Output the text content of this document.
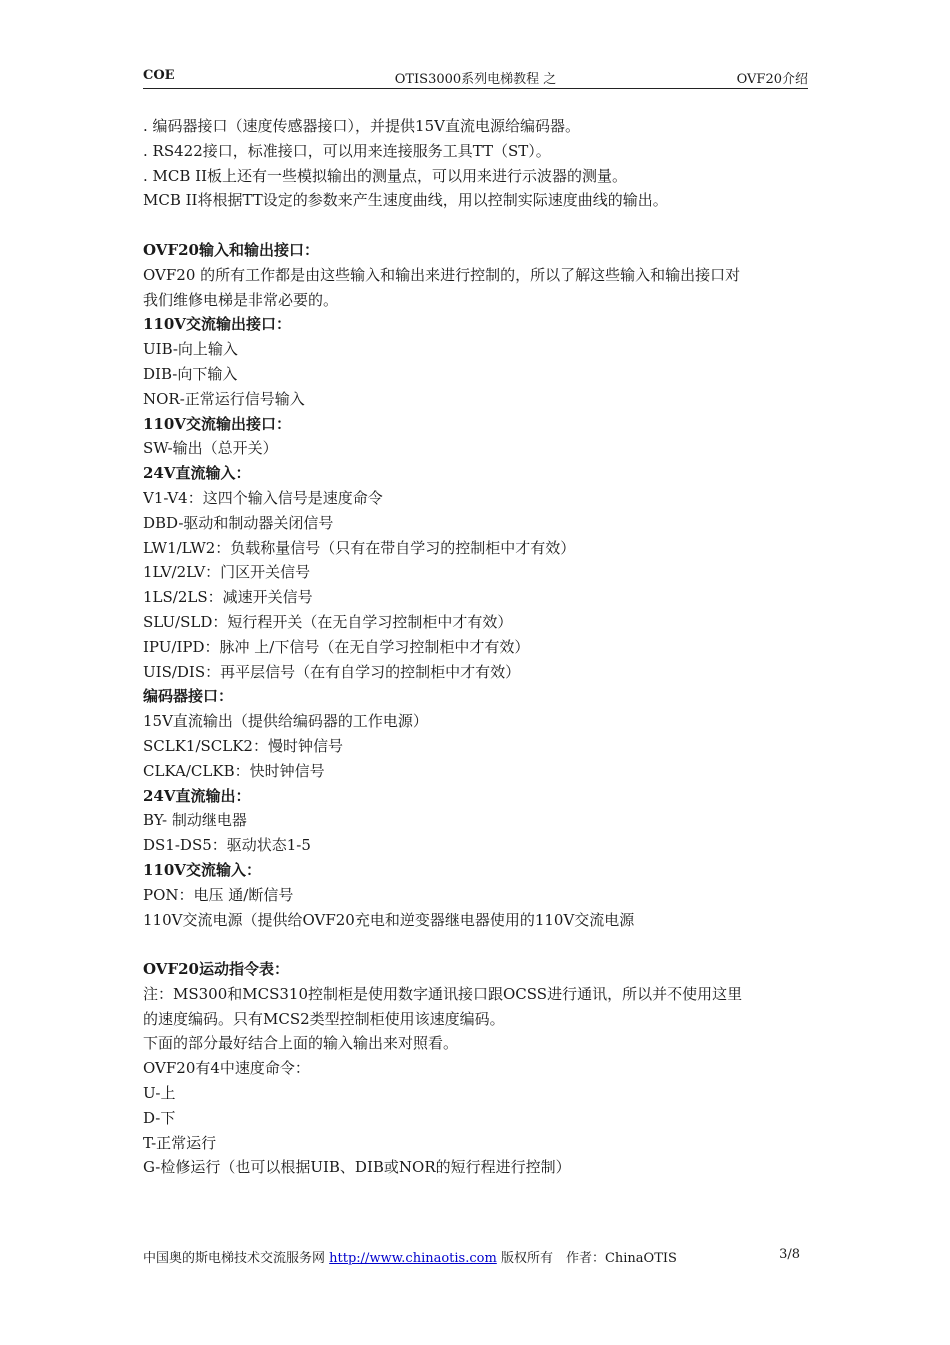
COE	OTIS3000系列电梯教程 之	OVF20介绍
. 编码器接口（速度传感器接口），并提供15V直流电源给编码器。
. RS422接口，标准接口，可以用来连接服务工具TT（ST）。
. MCB II板上还有一些模拟输出的测量点，可以用来进行示波器的测量。
MCB II将根据TT设定的参数来产生速度曲线，用以控制实际速度曲线的输出。
OVF20输入和输出接口：
OVF20 的所有工作都是由这些输入和输出来进行控制的，所以了解这些输入和输出接口对
我们维修电梯是非常必要的。
110V交流输出接口：
UIB-向上输入
DIB-向下输入
NOR-正常运行信号输入
110V交流输出接口：
SW-输出（总开关）
24V直流输入：
V1-V4：这四个输入信号是速度命令
DBD-驱动和制动器关闭信号
LW1/LW2：负载称量信号（只有在带自学习的控制柜中才有效）
1LV/2LV：门区开关信号
1LS/2LS：减速开关信号
SLU/SLD：短行程开关（在无自学习控制柜中才有效）
IPU/IPD：脉冲 上/下信号（在无自学习控制柜中才有效）
UIS/DIS：再平层信号（在有自学习的控制柜中才有效）
编码器接口：
15V直流输出（提供给编码器的工作电源）
SCLK1/SCLK2：慢时钟信号
CLKA/CLKB：快时钟信号
24V直流输出：
BY- 制动继电器
DS1-DS5：驱动状态1-5
110V交流输入：
PON：电压 通/断信号
110V交流电源（提供给OVF20充电和逆变器继电器使用的110V交流电源
OVF20运动指令表：
注：MS300和MCS310控制柜是使用数字通讯接口跟OCSS进行通讯，所以并不使用这里
的速度编码。只有MCS2类型控制柜使用该速度编码。
下面的部分最好结合上面的输入输出来对照看。
OVF20有4中速度命令：
U-上
D-下
T-正常运行
G-检修运行（也可以根据UIB、DIB或NOR的短行程进行控制）
中国奥的斯电梯技术交流服务网 http://www.chinaotis.com 版权所有　作者：ChinaOTIS	3/8
